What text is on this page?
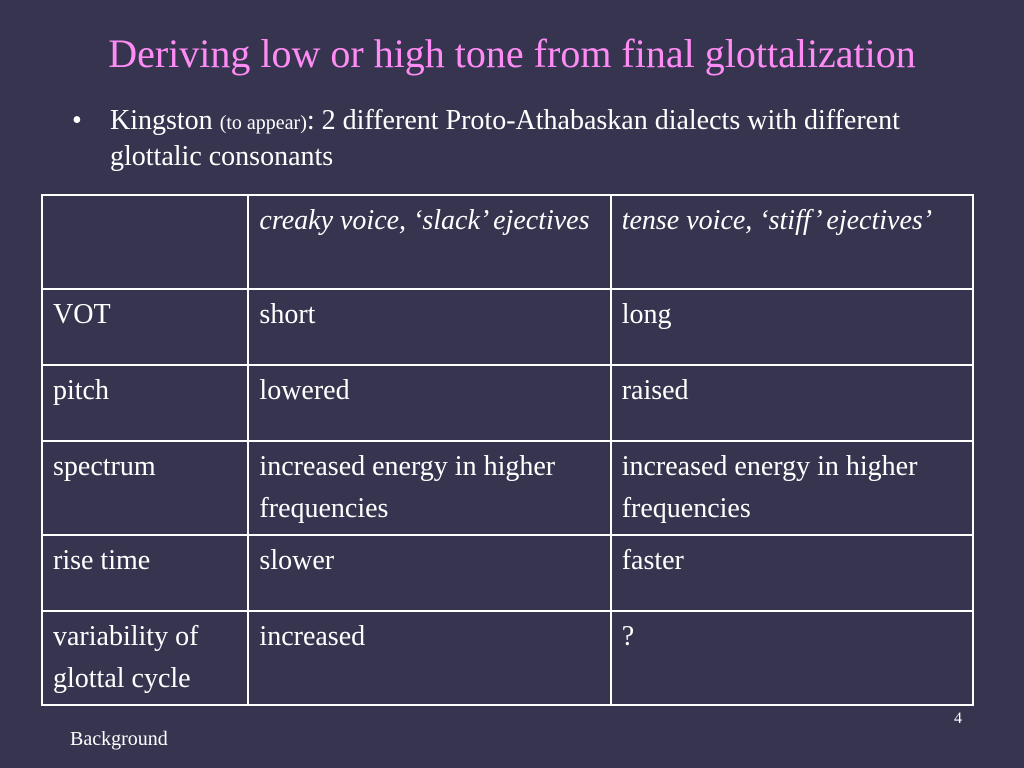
Deriving low or high tone from final glottalization
• Kingston (to appear): 2 different Proto-Athabaskan dialects with different glottalic consonants
	creaky voice, ‘slack’ ejectives	tense voice, ‘stiff’ ejectives’
VOT	short	long
pitch	lowered	raised
spectrum	increased energy in higher frequencies	increased energy in higher frequencies
rise time	slower	faster
variability of glottal cycle	increased	?
4
Background
